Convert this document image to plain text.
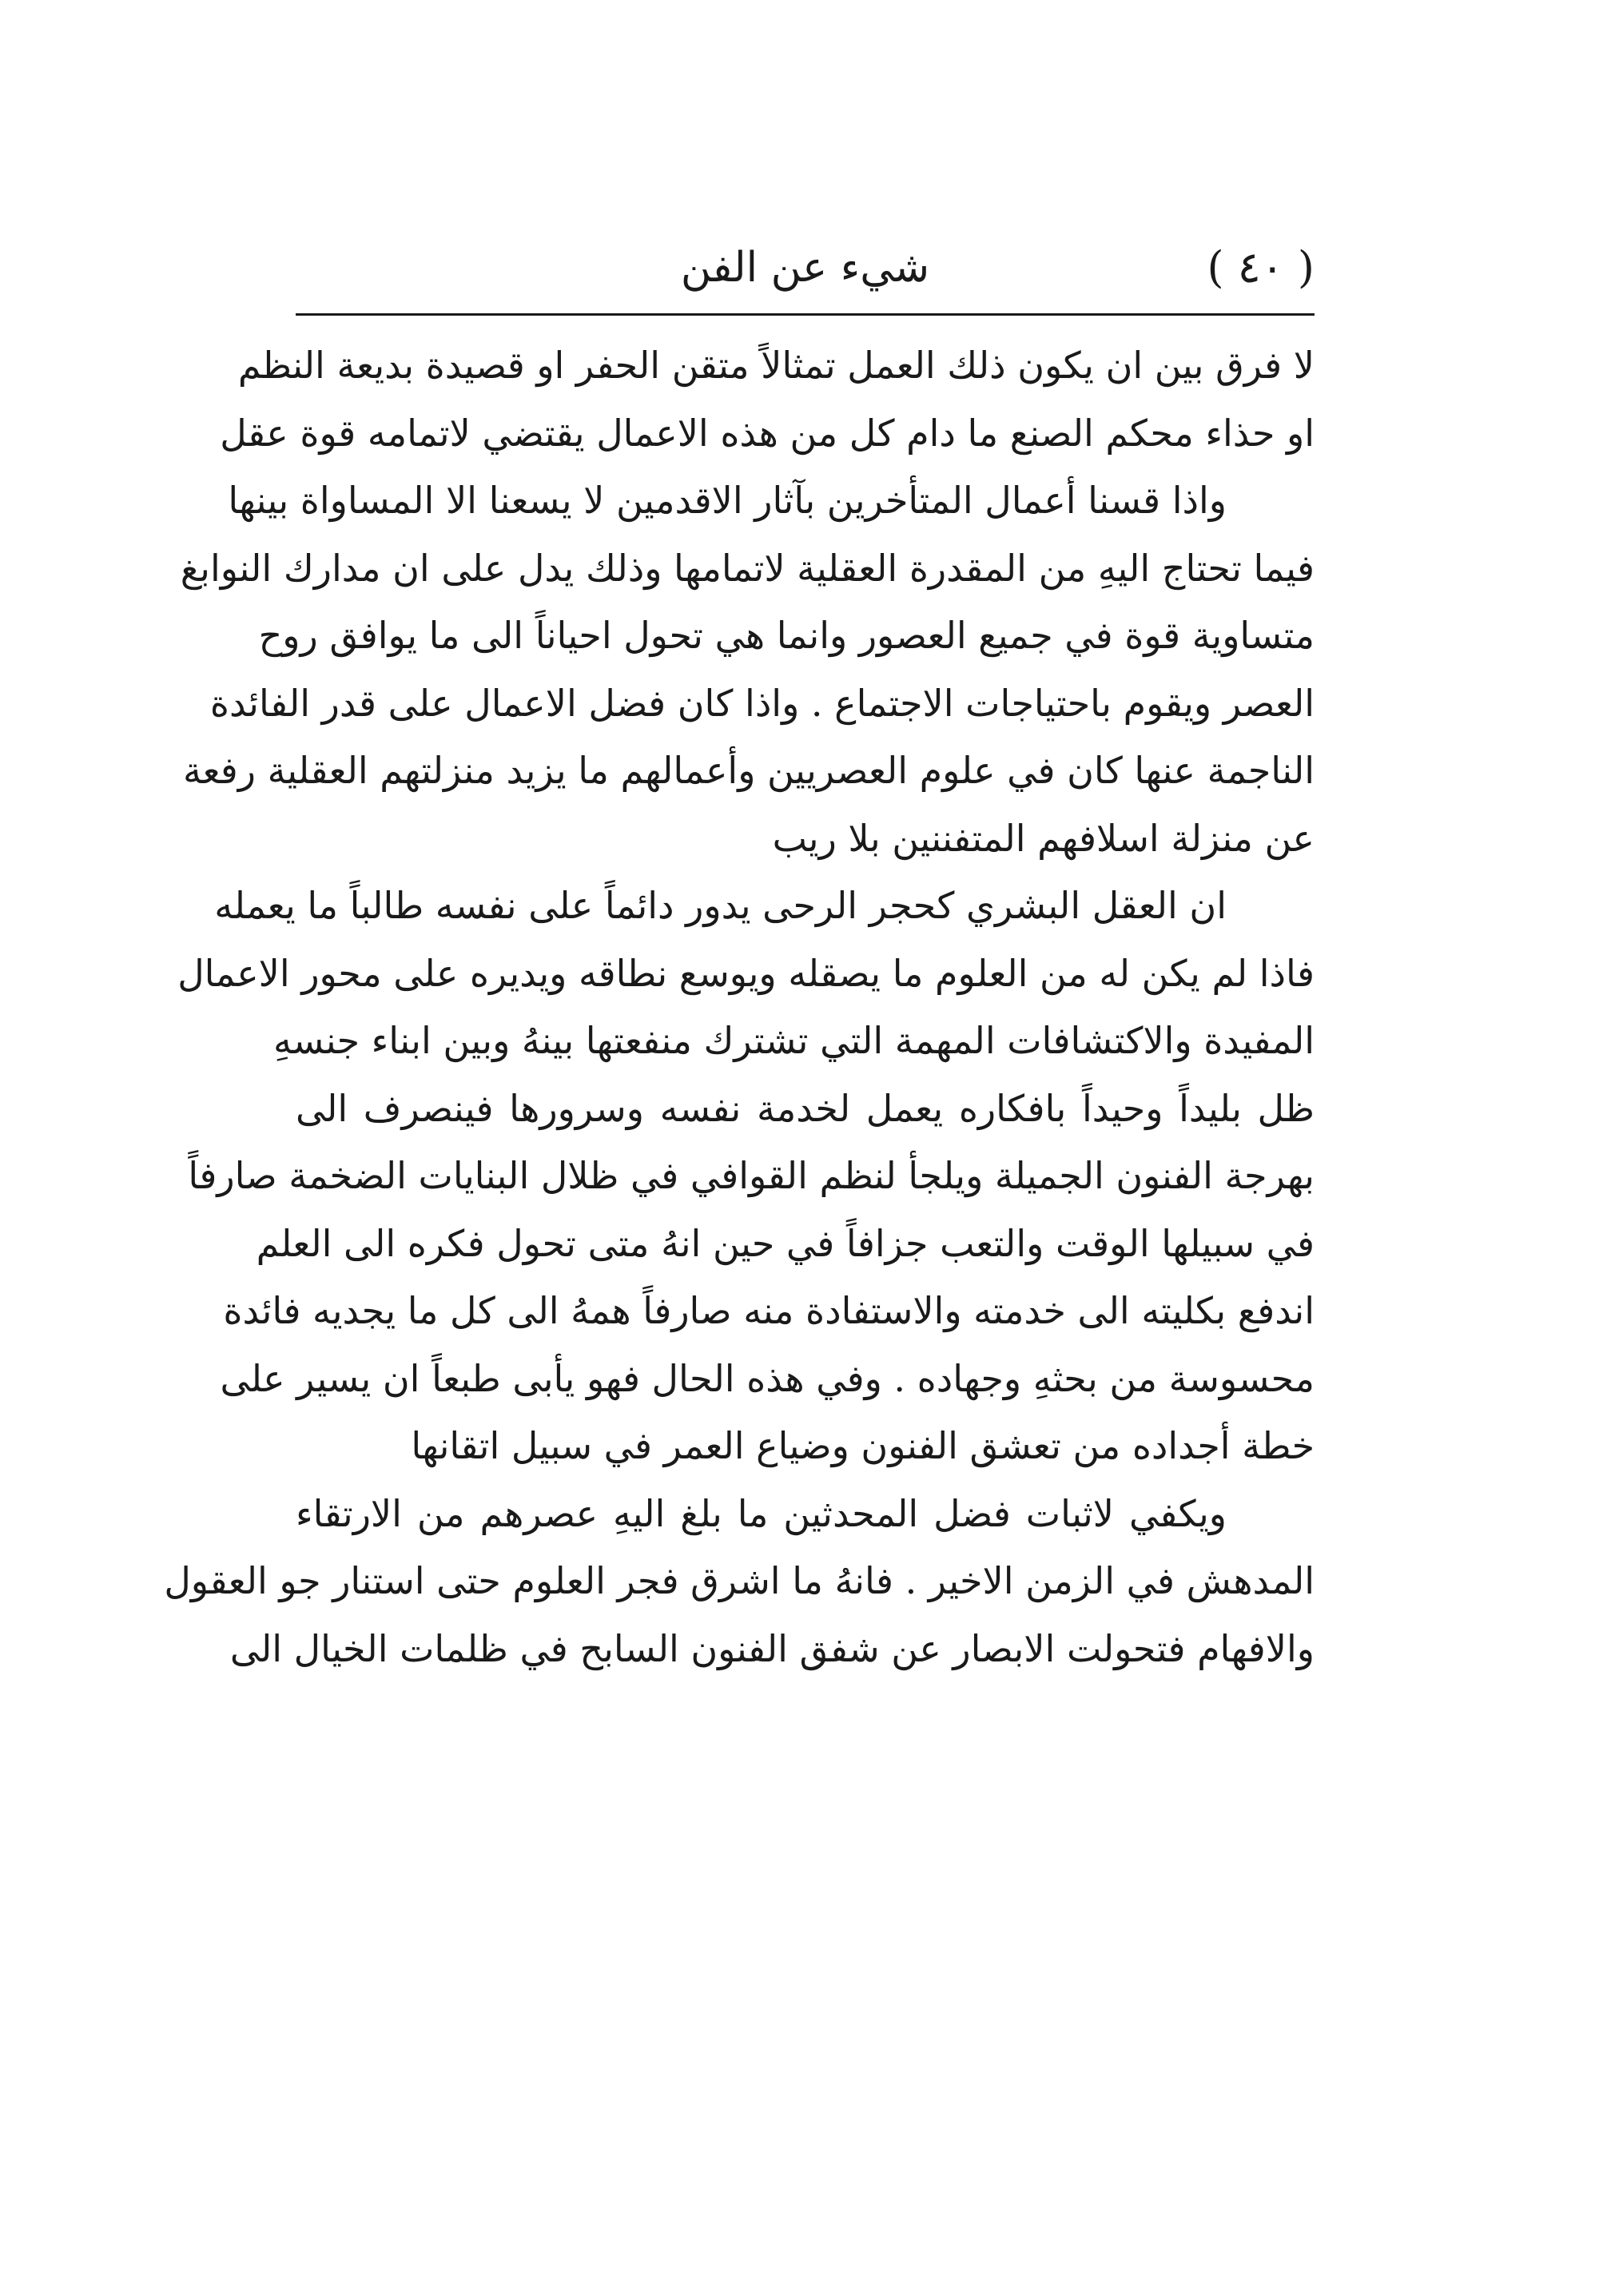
( ٤٠ )
شيء عن الفن
لا فرق بين ان يكون ذلك العمل تمثالاً متقن الحفر او قصيدة بديعة النظم
او حذاء محكم الصنع ما دام كل من هذه الاعمال يقتضي لاتمامه قوة عقل
واذا قسنا أعمال المتأخرين بآثار الاقدمين لا يسعنا الا المساواة بينها
فيما تحتاج اليهِ من المقدرة العقلية لاتمامها وذلك يدل على ان مدارك النوابغ
متساوية قوة في جميع العصور وانما هي تحول احياناً الى ما يوافق روح
العصر ويقوم باحتياجات الاجتماع . واذا كان فضل الاعمال على قدر الفائدة
الناجمة عنها كان في علوم العصريين وأعمالهم ما يزيد منزلتهم العقلية رفعة
عن منزلة اسلافهم المتفننين بلا ريب
ان العقل البشري كحجر الرحى يدور دائماً على نفسه طالباً ما يعمله
فاذا لم يكن له من العلوم ما يصقله ويوسع نطاقه ويديره على محور الاعمال
المفيدة والاكتشافات المهمة التي تشترك منفعتها بينهُ وبين ابناء جنسهِ
ظل بليداً وحيداً بافكاره يعمل لخدمة نفسه وسرورها فينصرف الى
بهرجة الفنون الجميلة ويلجأ لنظم القوافي في ظلال البنايات الضخمة صارفاً
في سبيلها الوقت والتعب جزافاً في حين انهُ متى تحول فكره الى العلم
اندفع بكليته الى خدمته والاستفادة منه صارفاً همهُ الى كل ما يجديه فائدة
محسوسة من بحثهِ وجهاده . وفي هذه الحال فهو يأبى طبعاً ان يسير على
خطة أجداده من تعشق الفنون وضياع العمر في سبيل اتقانها
ويكفي لاثبات فضل المحدثين ما بلغ اليهِ عصرهم من الارتقاء
المدهش في الزمن الاخير . فانهُ ما اشرق فجر العلوم حتى استنار جو العقول
والافهام فتحولت الابصار عن شفق الفنون السابح في ظلمات الخيال الى
